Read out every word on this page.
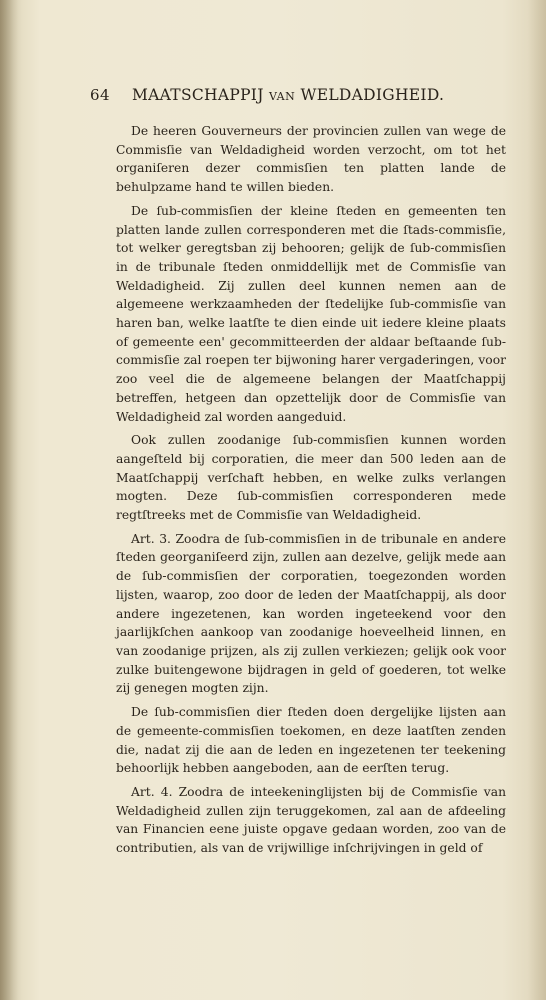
64	MAATSCHAPPIJ VAN WELDADIGHEID.

De heeren Gouverneurs der provincien zullen van wege de Commisſie van Weldadigheid worden verzocht, om tot het organiſeren dezer commisſien ten platten lande de behulpzame hand te willen bieden.

De ſub-commisſien der kleine ſteden en gemeenten ten platten lande zullen corresponderen met die ſtads-commisſie, tot welker geregtsban zij behooren; gelijk de ſub-commisſien in de tribunale ſteden onmiddellijk met de Commisſie van Weldadigheid. Zij zullen deel kunnen nemen aan de algemeene werkzaamheden der ſtedelijke ſub-commisſie van haren ban, welke laatſte te dien einde uit iedere kleine plaats of gemeente een' gecommitteerden der aldaar beſtaande ſub-commisſie zal roepen ter bijwoning harer vergaderingen, voor zoo veel die de algemeene belangen der Maatſchappij betreffen, hetgeen dan opzettelijk door de Commisſie van Weldadigheid zal worden aangeduid.

Ook zullen zoodanige ſub-commisſien kunnen worden aangeſteld bij corporatien, die meer dan 500 leden aan de Maatſchappij verſchaft hebben, en welke zulks verlangen mogten. Deze ſub-commisſien corresponderen mede regtſtreeks met de Commisſie van Weldadigheid.

Art. 3. Zoodra de ſub-commisſien in de tribunale en andere ſteden georganiſeerd zijn, zullen aan dezelve, gelijk mede aan de ſub-commisſien der corporatien, toegezonden worden lijsten, waarop, zoo door de leden der Maatſchappij, als door andere ingezetenen, kan worden ingeteekend voor den jaarlijkſchen aankoop van zoodanige hoeveelheid linnen, en van zoodanige prijzen, als zij zullen verkiezen; gelijk ook voor zulke buitengewone bijdragen in geld of goederen, tot welke zij genegen mogten zijn.

De ſub-commisſien dier ſteden doen dergelijke lijsten aan de gemeente-commisſien toekomen, en deze laatſten zenden die, nadat zij die aan de leden en ingezetenen ter teekening behoorlijk hebben aangeboden, aan de eerſten terug.

Art. 4. Zoodra de inteekeninglijsten bij de Commisſie van Weldadigheid zullen zijn teruggekomen, zal aan de afdeeling van Financien eene juiste opgave gedaan worden, zoo van de contributien, als van de vrijwillige inſchrijvingen in geld of
